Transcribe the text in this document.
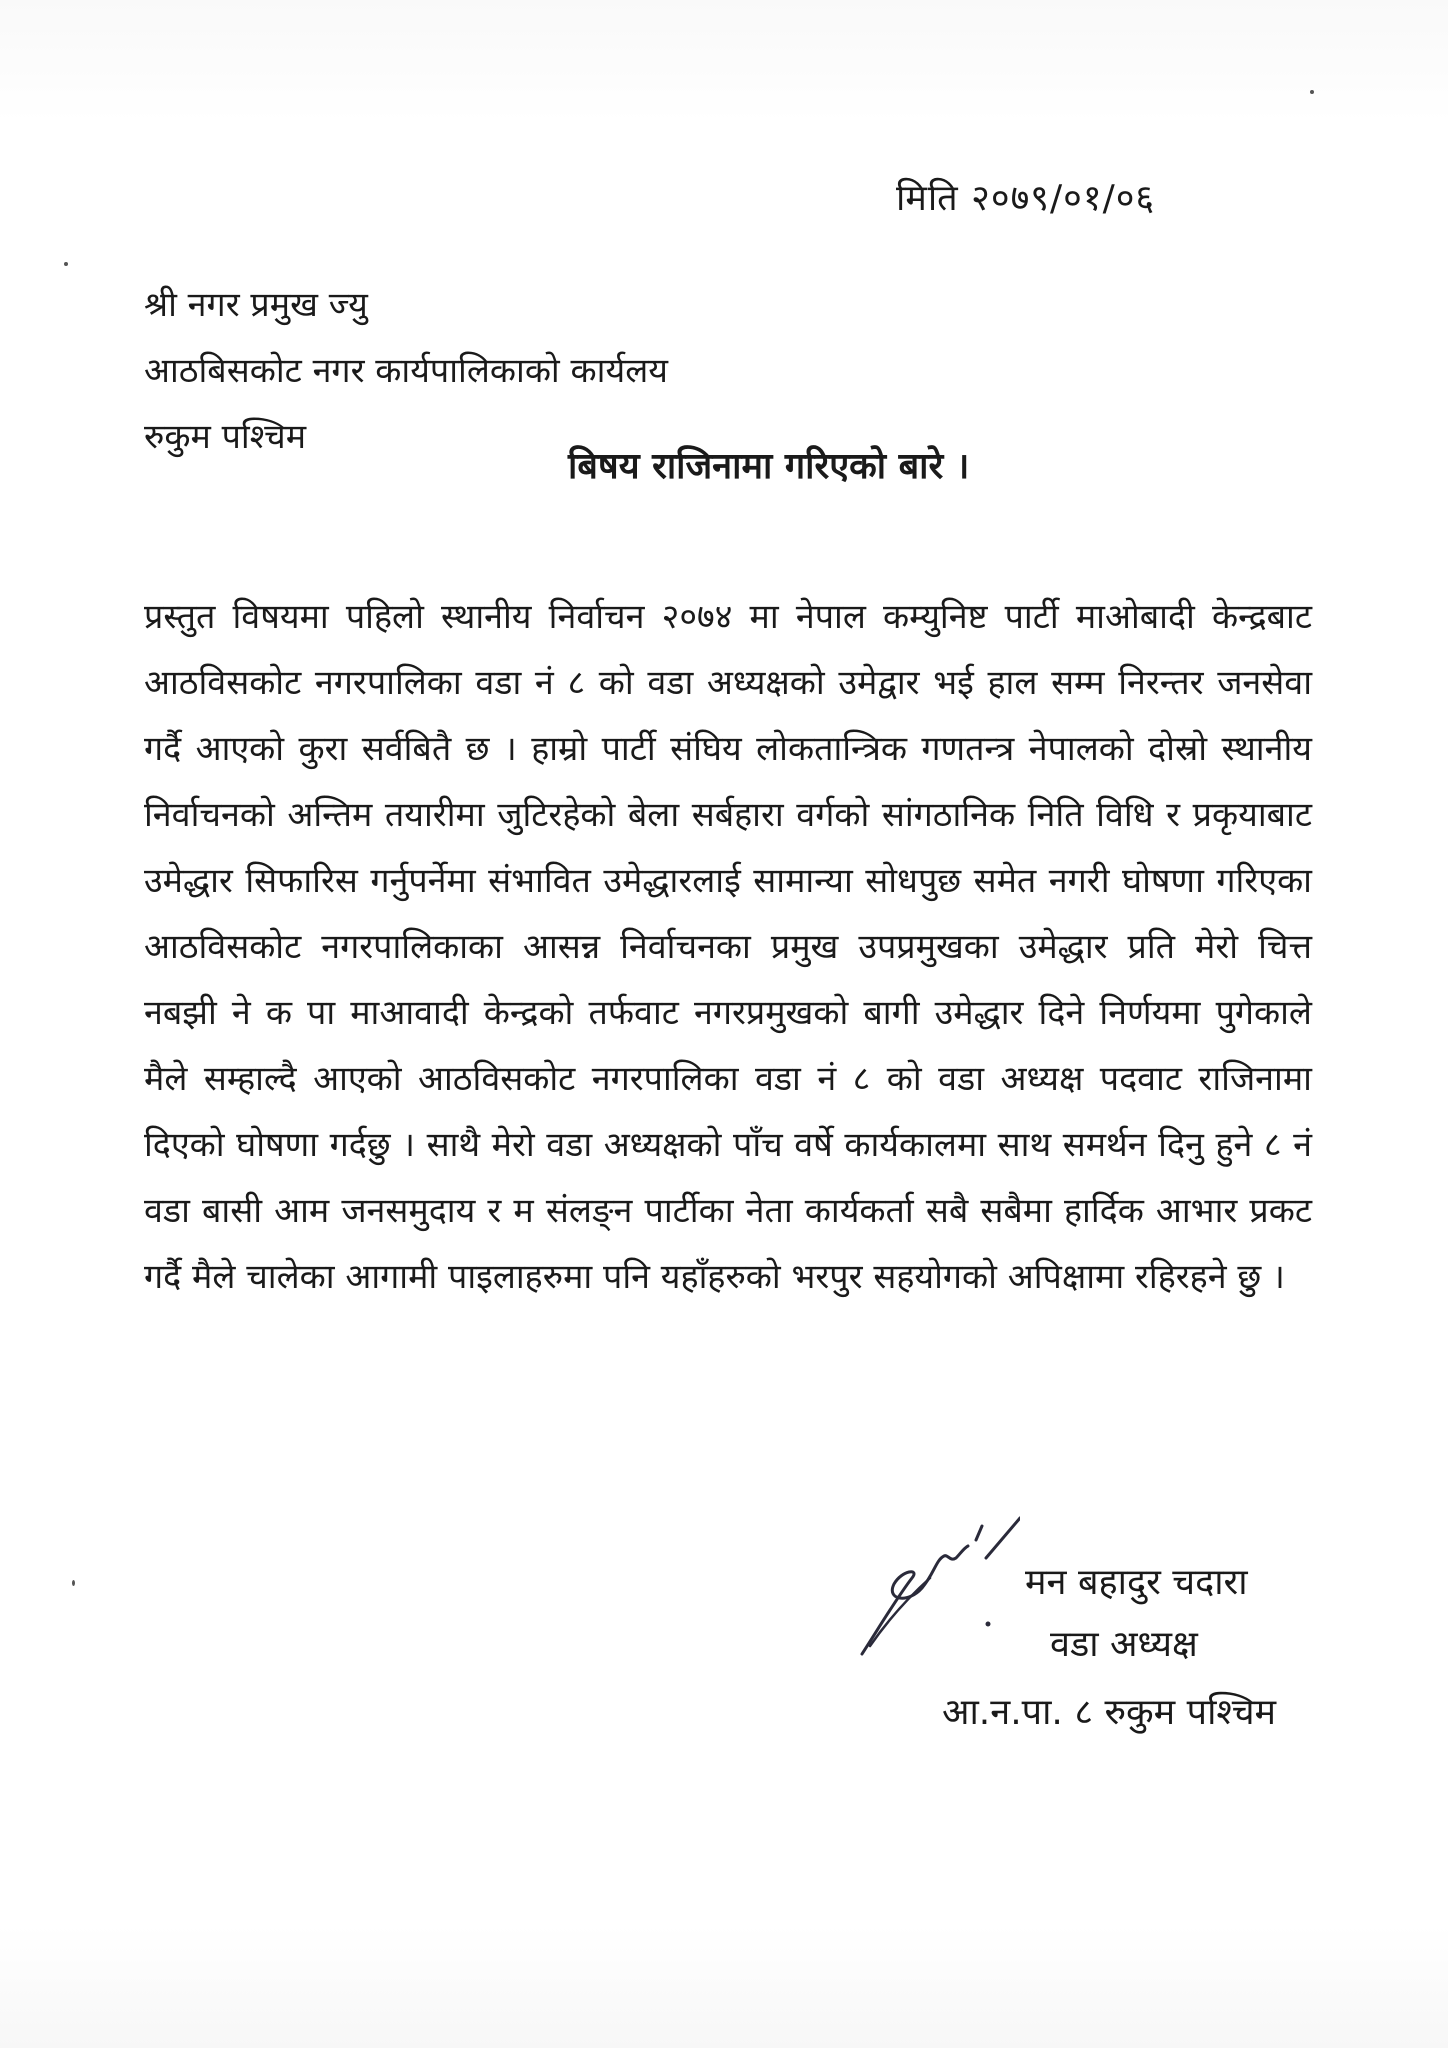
मिति २०७९/०१/०६
श्री नगर प्रमुख ज्यु
आठबिसकोट नगर कार्यपालिकाको कार्यलय
रुकुम पश्चिम
बिषय राजिनामा गरिएको बारे ।
प्रस्तुत विषयमा पहिलो स्थानीय निर्वाचन २०७४ मा नेपाल कम्युनिष्ट पार्टी माओबादी केन्द्रबाट आठविसकोट नगरपालिका वडा नं ८ को वडा अध्यक्षको उमेद्वार भई हाल सम्म निरन्तर जनसेवा गर्दै आएको कुरा सर्वबितै छ । हाम्रो पार्टी संघिय लोकतान्त्रिक गणतन्त्र नेपालको दोस्रो स्थानीय निर्वाचनको अन्तिम तयारीमा जुटिरहेको बेला सर्बहारा वर्गको सांगठानिक निति विधि र प्रकृयाबाट उमेद्धार सिफारिस गर्नुपर्नेमा संभावित उमेद्धारलाई सामान्या सोधपुछ समेत नगरी घोषणा गरिएका आठविसकोट नगरपालिकाका आसन्न निर्वाचनका प्रमुख उपप्रमुखका उमेद्धार प्रति मेरो चित्त नबझी ने क पा माआवादी केन्द्रको तर्फवाट नगरप्रमुखको बागी उमेद्धार दिने निर्णयमा पुगेकाले मैले सम्हाल्दै आएको आठविसकोट नगरपालिका वडा नं ८ को वडा अध्यक्ष पदवाट राजिनामा दिएको घोषणा गर्दछु । साथै मेरो वडा अध्यक्षको पाँच वर्षे कार्यकालमा साथ समर्थन दिनु हुने ८ नं वडा बासी आम जनसमुदाय र म संलङ्न पार्टीका नेता कार्यकर्ता सबै सबैमा हार्दिक आभार प्रकट गर्दै मैले चालेका आगामी पाइलाहरुमा पनि यहाँहरुको भरपुर सहयोगको अपिक्षामा रहिरहने छु ।
मन बहादुर चदारा
वडा अध्यक्ष
आ.न.पा. ८ रुकुम पश्चिम
